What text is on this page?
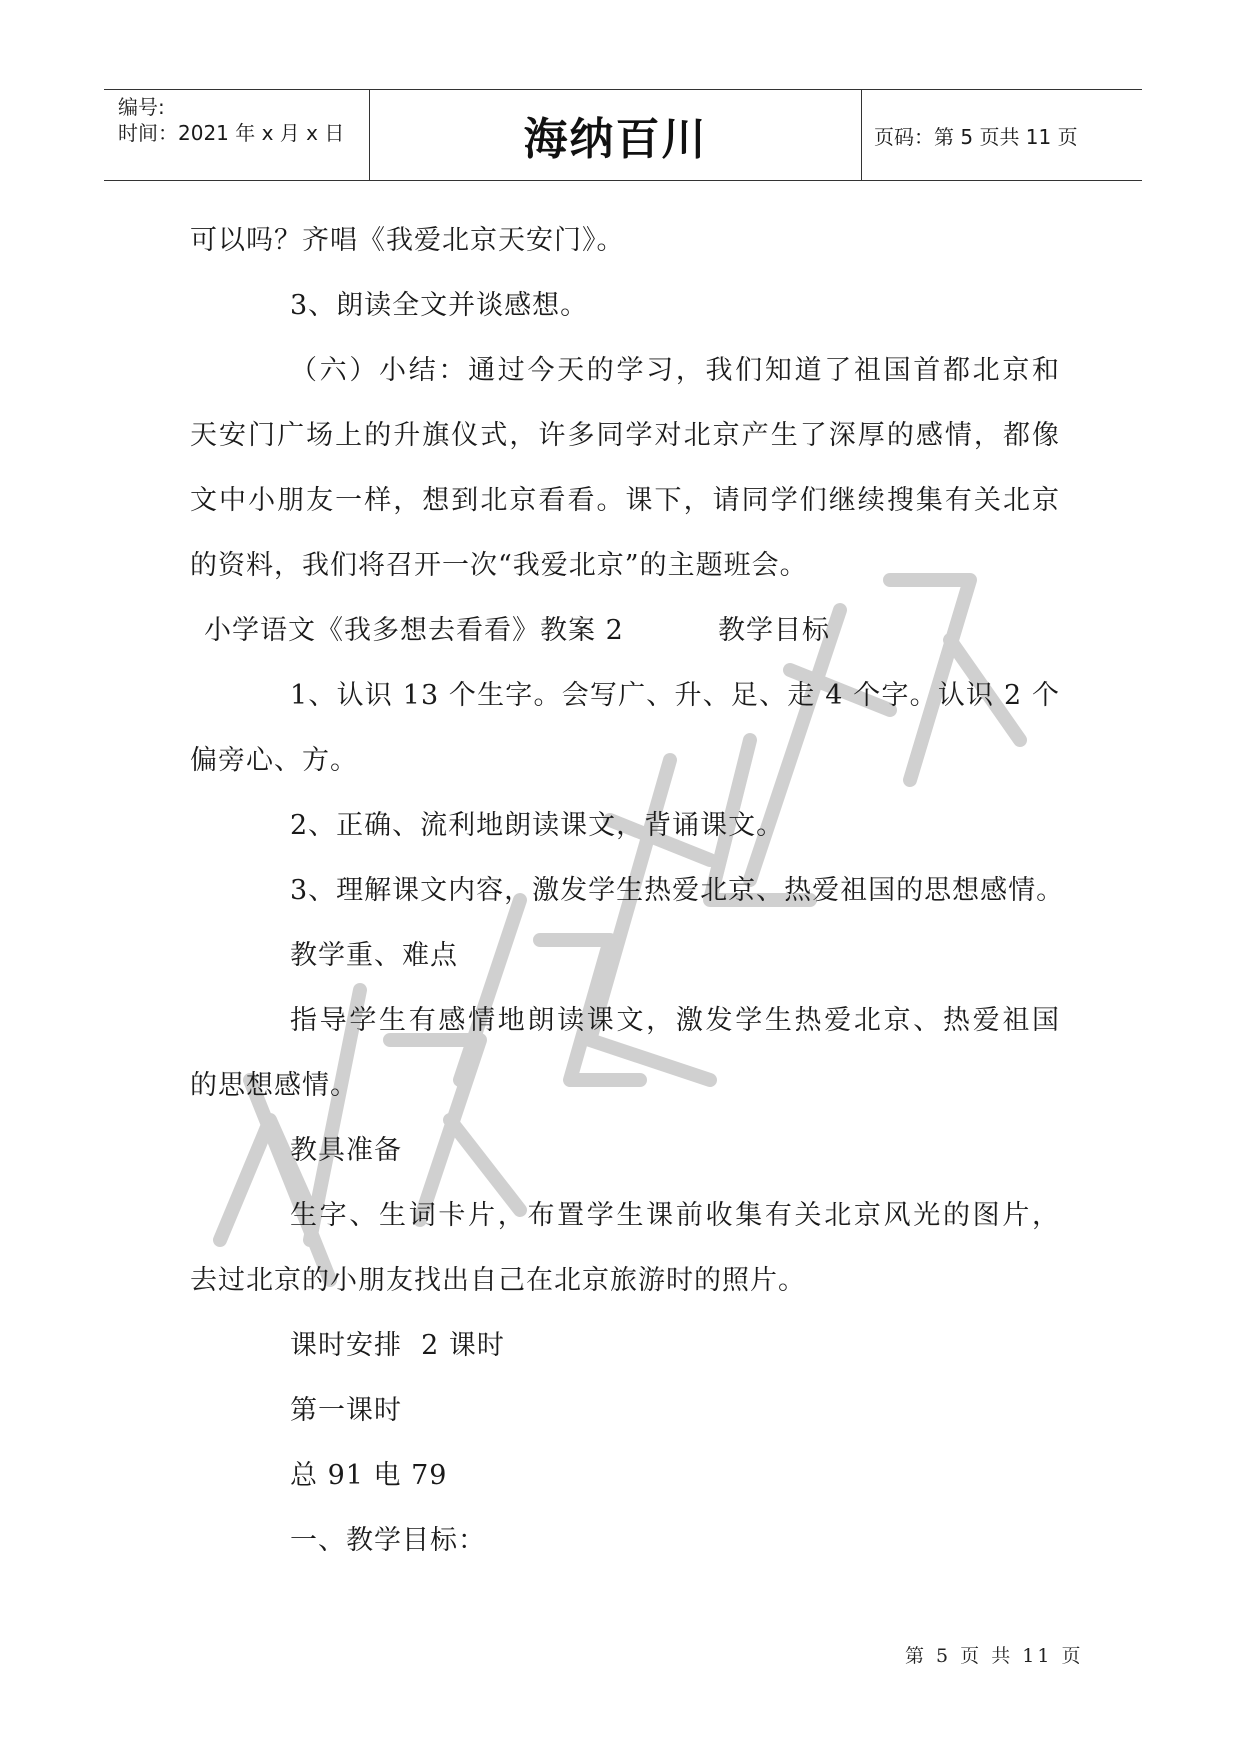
编号:
时间：2021 年 x 月 x 日	海纳百川	页码：第 5 页共 11 页
严禁复制
可以吗？齐唱《我爱北京天安门》。
3、朗读全文并谈感想。
（六）小结：通过今天的学习，我们知道了祖国首都北京和
天安门广场上的升旗仪式，许多同学对北京产生了深厚的感情，都像
文中小朋友一样，想到北京看看。课下，请同学们继续搜集有关北京
的资料，我们将召开一次“我爱北京”的主题班会。
小学语文《我多想去看看》教案 2	教学目标
1、认识 13 个生字。会写广、升、足、走 4 个字。认识 2 个
偏旁心、方。
2、正确、流利地朗读课文，背诵课文。
3、理解课文内容，激发学生热爱北京、热爱祖国的思想感情。
教学重、难点
指导学生有感情地朗读课文，激发学生热爱北京、热爱祖国
的思想感情。
教具准备
生字、生词卡片，布置学生课前收集有关北京风光的图片，
去过北京的小朋友找出自己在北京旅游时的照片。
课时安排  2 课时
第一课时
总 91 电 79
一、教学目标：
第 5 页 共 11 页
